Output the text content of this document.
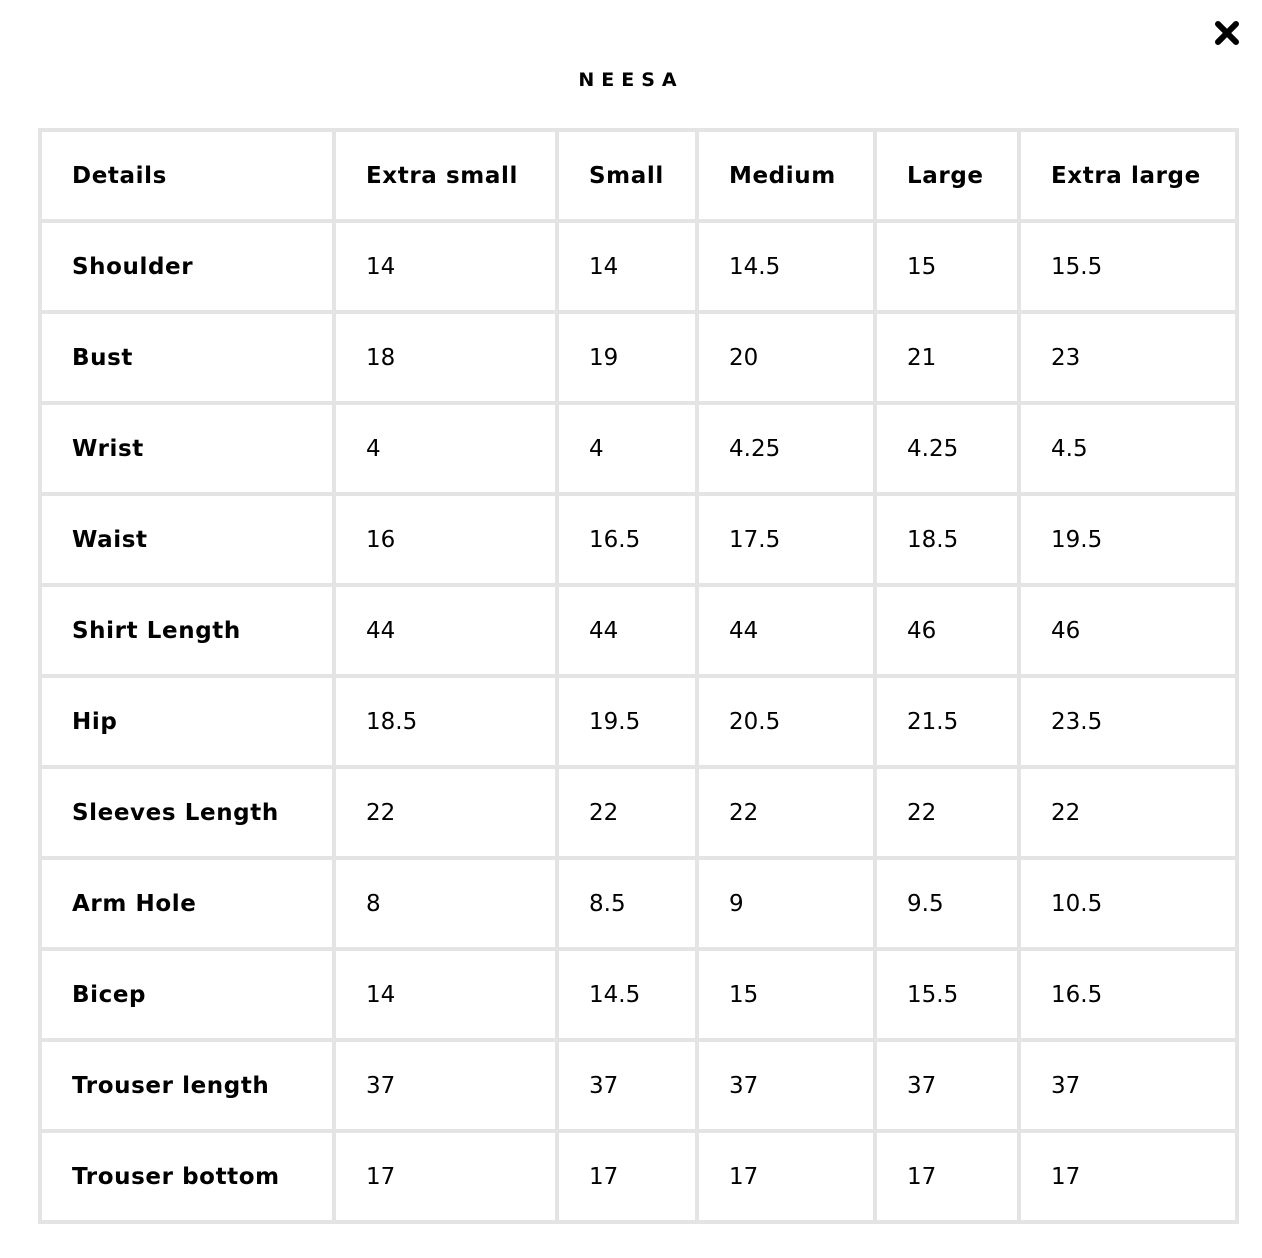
NEESA
Details	Extra small	Small	Medium	Large	Extra large
Shoulder	14	14	14.5	15	15.5
Bust	18	19	20	21	23
Wrist	4	4	4.25	4.25	4.5
Waist	16	16.5	17.5	18.5	19.5
Shirt Length	44	44	44	46	46
Hip	18.5	19.5	20.5	21.5	23.5
Sleeves Length	22	22	22	22	22
Arm Hole	8	8.5	9	9.5	10.5
Bicep	14	14.5	15	15.5	16.5
Trouser length	37	37	37	37	37
Trouser bottom	17	17	17	17	17
